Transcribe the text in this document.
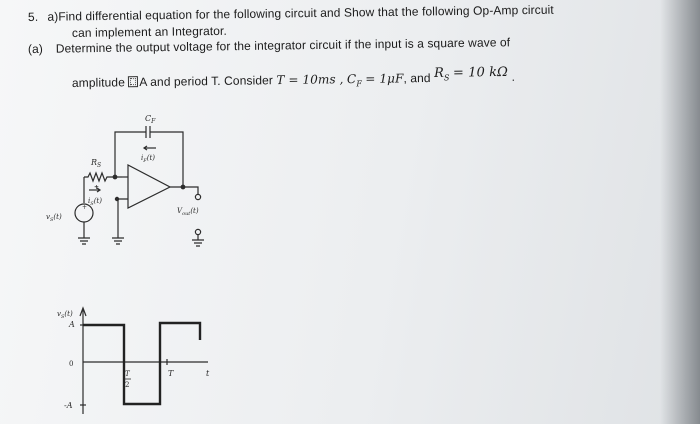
5. a)Find differential equation for the following circuit and Show that the following Op-Amp circuit
can implement an Integrator.
(a) Determine the output voltage for the integrator circuit if the input is a square wave of
amplitude A and period T. Consider T = 10ms , $C_F = 1\mu F$, and $R_S = 10$ kΩ .
+
+
$C_F$
$i_F(t)$
$R_S$
$i_S(t)$
$v_S(t)$
$V_{out}(t)$
$v_S(t)$
A
0
-A
T
2
T	t
